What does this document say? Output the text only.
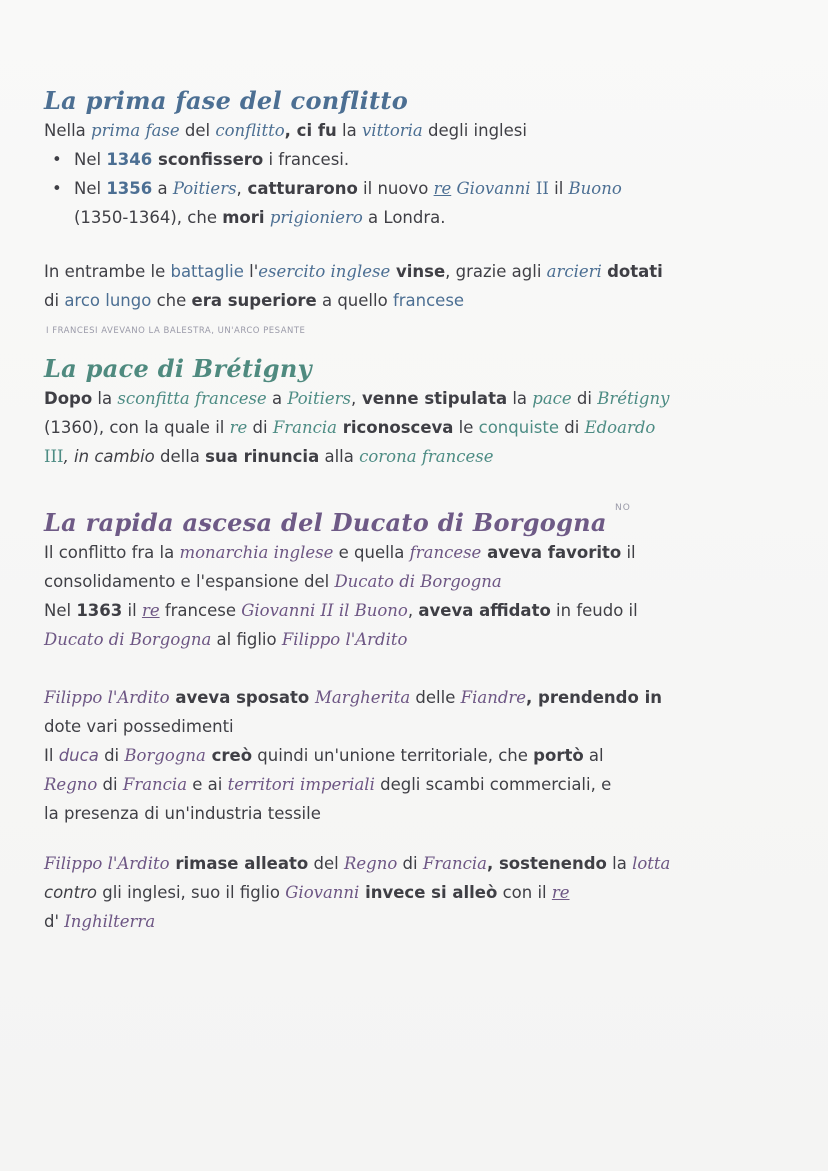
La prima fase del conflitto
Nella prima fase del conflitto, ci fu la vittoria degli inglesi
• Nel 1346 sconfissero i francesi.
• Nel 1356 a Poitiers, catturarono il nuovo re Giovanni II il Buono
(1350-1364), che mori prigioniero a Londra.
In entrambe le battaglie l'esercito inglese vinse, grazie agli arcieri dotati
di arco lungo che era superiore a quello francese
I FRANCESI AVEVANO LA BALESTRA, UN'ARCO PESANTE
La pace di Brétigny
Dopo la sconfitta francese a Poitiers, venne stipulata la pace di Brétigny
(1360), con la quale il re di Francia riconosceva le conquiste di Edoardo
III, in cambio della sua rinuncia alla corona francese
La rapida ascesa del Ducato di Borgogna
Il conflitto fra la monarchia inglese e quella francese aveva favorito il
consolidamento e l'espansione del Ducato di Borgogna
Nel 1363 il re francese Giovanni II il Buono, aveva affidato in feudo il
Ducato di Borgogna al figlio Filippo l'Ardito
NO
Filippo l'Ardito aveva sposato Margherita delle Fiandre, prendendo in
dote vari possedimenti
Il duca di Borgogna creò quindi un'unione territoriale, che portò al
Regno di Francia e ai territori imperiali degli scambi commerciali, e
la presenza di un'industria tessile
Filippo l'Ardito rimase alleato del Regno di Francia, sostenendo la lotta
contro gli inglesi, suo il figlio Giovanni invece si alleò con il re
d' Inghilterra
